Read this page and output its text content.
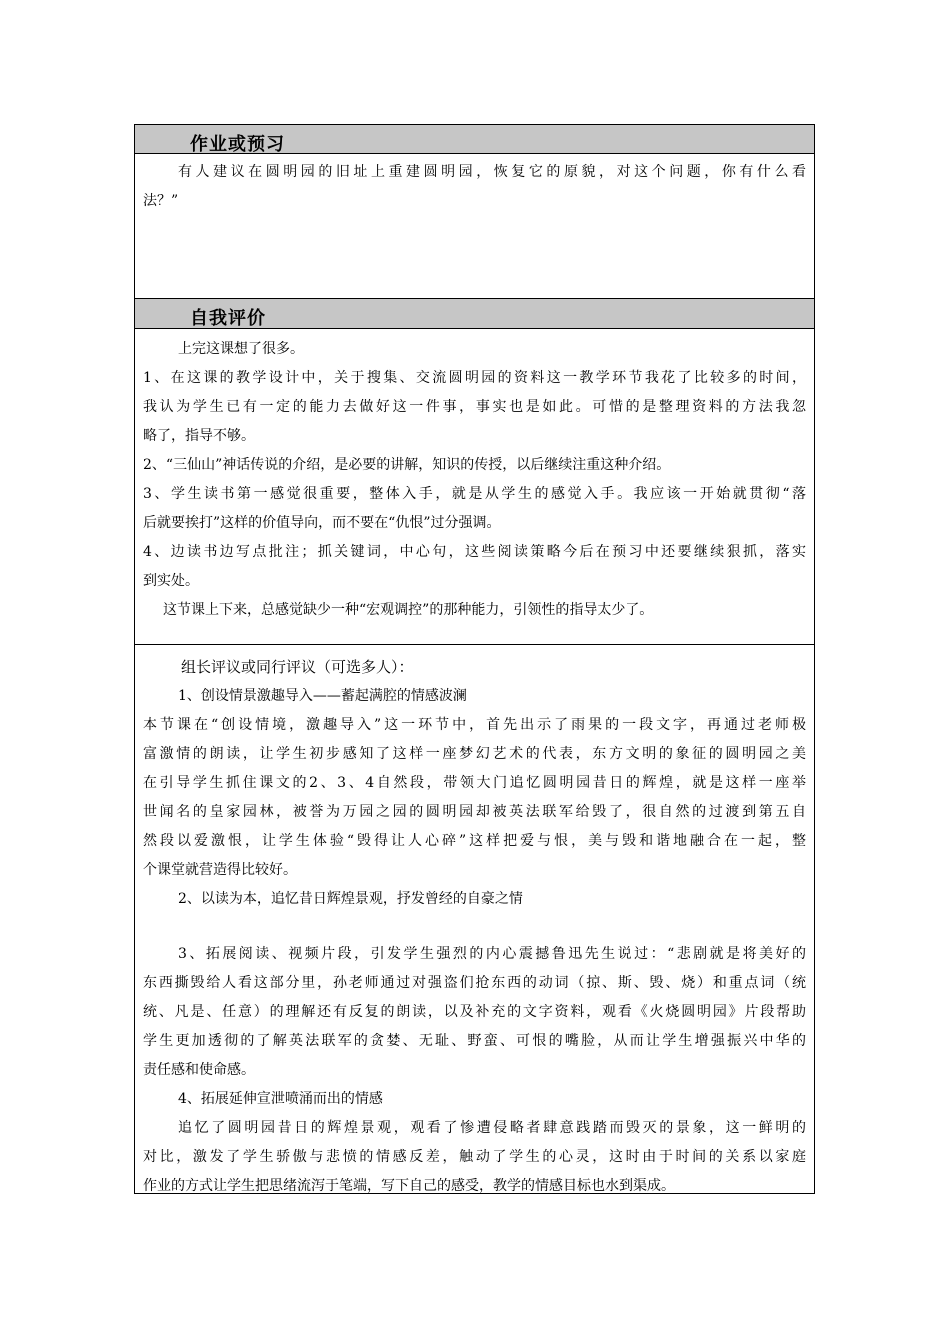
作业或预习
有人建议在圆明园的旧址上重建圆明园，恢复它的原貌，对这个问题，你有什么看
法？”
自我评价
上完这课想了很多。
1、在这课的教学设计中，关于搜集、交流圆明园的资料这一教学环节我花了比较多的时间，
我认为学生已有一定的能力去做好这一件事，事实也是如此。可惜的是整理资料的方法我忽
略了，指导不够。
2、“三仙山”神话传说的介绍，是必要的讲解，知识的传授，以后继续注重这种介绍。
3、学生读书第一感觉很重要，整体入手，就是从学生的感觉入手。我应该一开始就贯彻“落
后就要挨打”这样的价值导向，而不要在“仇恨”过分强调。
4、边读书边写点批注；抓关键词，中心句，这些阅读策略今后在预习中还要继续狠抓，落实
到实处。
这节课上下来，总感觉缺少一种“宏观调控”的那种能力，引领性的指导太少了。
组长评议或同行评议（可选多人）：
1、创设情景激趣导入——蓄起满腔的情感波澜
本节课在“创设情境，激趣导入”这一环节中，首先出示了雨果的一段文字，再通过老师极
富激情的朗读，让学生初步感知了这样一座梦幻艺术的代表，东方文明的象征的圆明园之美
在引导学生抓住课文的2、3、4自然段，带领大门追忆圆明园昔日的辉煌，就是这样一座举
世闻名的皇家园林，被誉为万园之园的圆明园却被英法联军给毁了，很自然的过渡到第五自
然段以爱激恨，让学生体验“毁得让人心碎”这样把爱与恨，美与毁和谐地融合在一起，整
个课堂就营造得比较好。
2、以读为本，追忆昔日辉煌景观，抒发曾经的自豪之情
3、拓展阅读、视频片段，引发学生强烈的内心震撼鲁迅先生说过：“悲剧就是将美好的
东西撕毁给人看这部分里，孙老师通过对强盗们抢东西的动词（掠、斯、毁、烧）和重点词（统
统、凡是、任意）的理解还有反复的朗读，以及补充的文字资料，观看《火烧圆明园》片段帮助
学生更加透彻的了解英法联军的贪婪、无耻、野蛮、可恨的嘴脸，从而让学生增强振兴中华的
责任感和使命感。
4、拓展延伸宣泄喷涌而出的情感
追忆了圆明园昔日的辉煌景观，观看了惨遭侵略者肆意践踏而毁灭的景象，这一鲜明的
对比，激发了学生骄傲与悲愤的情感反差，触动了学生的心灵，这时由于时间的关系以家庭
作业的方式让学生把思绪流泻于笔端，写下自己的感受，教学的情感目标也水到渠成。
